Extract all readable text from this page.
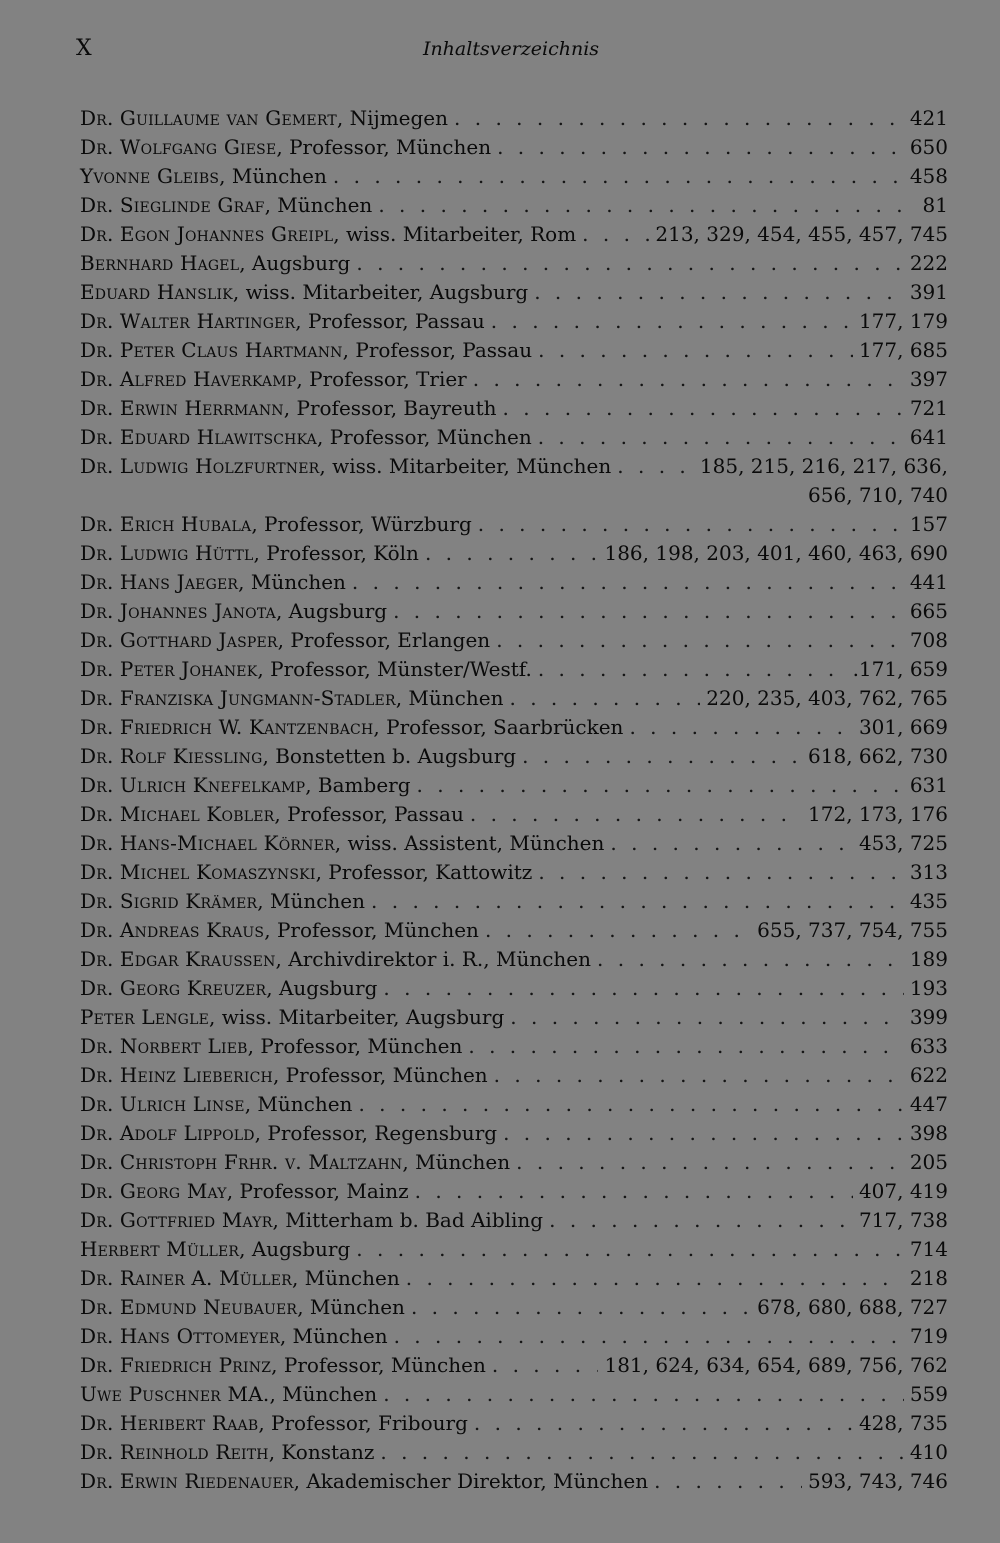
X	Inhaltsverzeichnis
Dr. Guillaume van Gemert, Nijmegen . . .	421
Dr. Wolfgang Giese, Professor, München . . .	650
Yvonne Gleibs, München . . .	458
Dr. Sieglinde Graf, München . . .	81
Dr. Egon Johannes Greipl, wiss. Mitarbeiter, Rom . . .	213, 329, 454, 455, 457, 745
Bernhard Hagel, Augsburg . . .	222
Eduard Hanslik, wiss. Mitarbeiter, Augsburg . . .	391
Dr. Walter Hartinger, Professor, Passau . . .	177, 179
Dr. Peter Claus Hartmann, Professor, Passau . . .	177, 685
Dr. Alfred Haverkamp, Professor, Trier . . .	397
Dr. Erwin Herrmann, Professor, Bayreuth . . .	721
Dr. Eduard Hlawitschka, Professor, München . . .	641
Dr. Ludwig Holzfurtner, wiss. Mitarbeiter, München . . .	185, 215, 216, 217, 636,
656, 710, 740
Dr. Erich Hubala, Professor, Würzburg . . .	157
Dr. Ludwig Hüttl, Professor, Köln . . .	186, 198, 203, 401, 460, 463, 690
Dr. Hans Jaeger, München . . .	441
Dr. Johannes Janota, Augsburg . . .	665
Dr. Gotthard Jasper, Professor, Erlangen . . .	708
Dr. Peter Johanek, Professor, Münster/Westf. . . .	.171, 659
Dr. Franziska Jungmann-Stadler, München . . .	220, 235, 403, 762, 765
Dr. Friedrich W. Kantzenbach, Professor, Saarbrücken . . .	301, 669
Dr. Rolf Kiessling, Bonstetten b. Augsburg . . .	618, 662, 730
Dr. Ulrich Knefelkamp, Bamberg . . .	631
Dr. Michael Kobler, Professor, Passau . . .	172, 173, 176
Dr. Hans-Michael Körner, wiss. Assistent, München . . .	453, 725
Dr. Michel Komaszynski, Professor, Kattowitz . . .	313
Dr. Sigrid Krämer, München . . .	435
Dr. Andreas Kraus, Professor, München . . .	655, 737, 754, 755
Dr. Edgar Kraussen, Archivdirektor i. R., München . . .	189
Dr. Georg Kreuzer, Augsburg . . .	193
Peter Lengle, wiss. Mitarbeiter, Augsburg . . .	399
Dr. Norbert Lieb, Professor, München . . .	633
Dr. Heinz Lieberich, Professor, München . . .	622
Dr. Ulrich Linse, München . . .	447
Dr. Adolf Lippold, Professor, Regensburg . . .	398
Dr. Christoph Frhr. v. Maltzahn, München . . .	205
Dr. Georg May, Professor, Mainz . . .	407, 419
Dr. Gottfried Mayr, Mitterham b. Bad Aibling . . .	717, 738
Herbert Müller, Augsburg . . .	714
Dr. Rainer A. Müller, München . . .	218
Dr. Edmund Neubauer, München . . .	678, 680, 688, 727
Dr. Hans Ottomeyer, München . . .	719
Dr. Friedrich Prinz, Professor, München . . .	181, 624, 634, 654, 689, 756, 762
Uwe Puschner MA., München . . .	559
Dr. Heribert Raab, Professor, Fribourg . . .	428, 735
Dr. Reinhold Reith, Konstanz . . .	410
Dr. Erwin Riedenauer, Akademischer Direktor, München . . .	593, 743, 746
